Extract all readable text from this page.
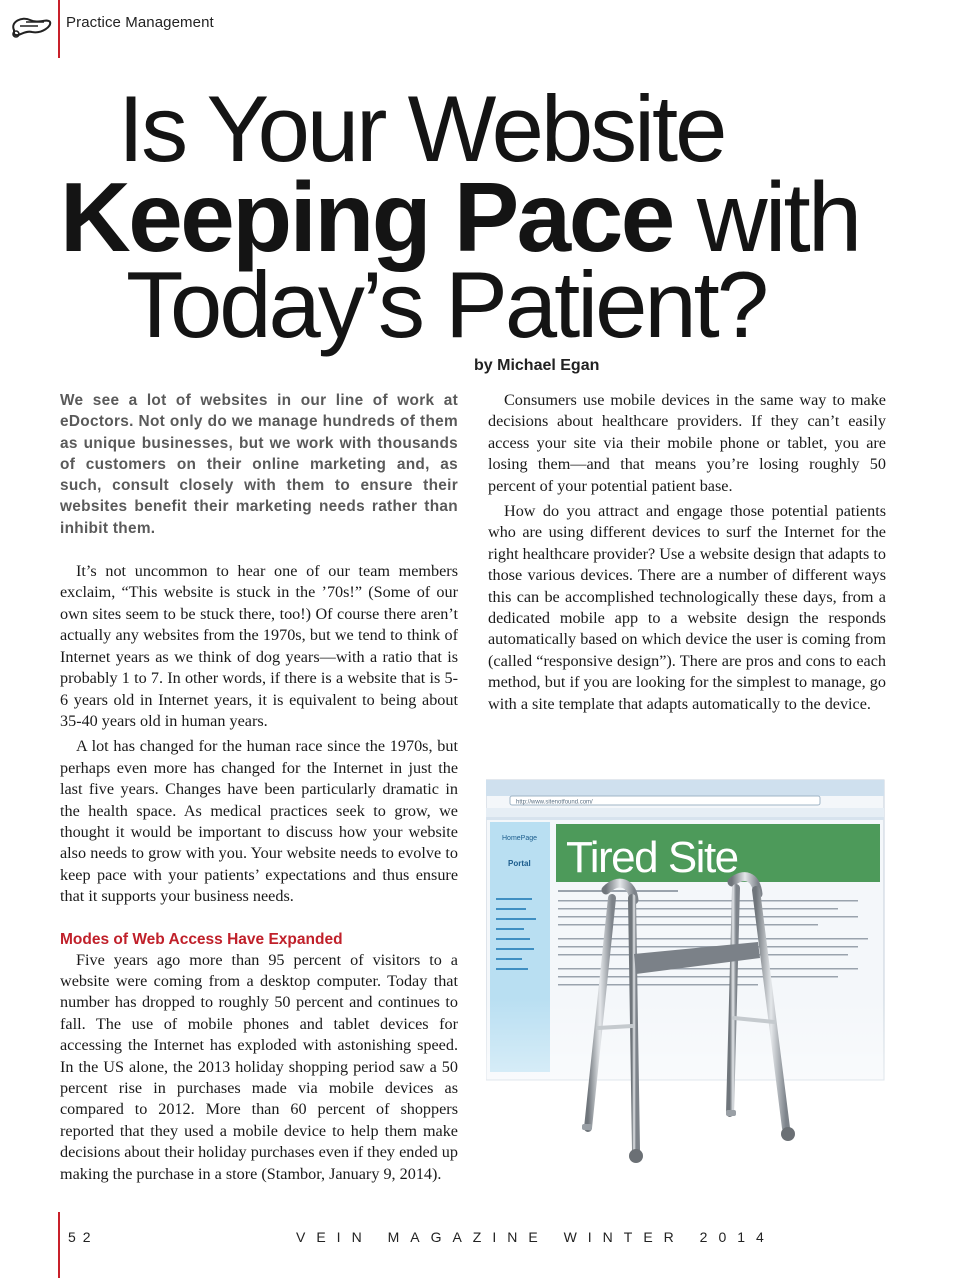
Practice Management
Is Your Website
Keeping Pace with
Today’s Patient?
by Michael Egan

We see a lot of websites in our line of work at eDoctors. Not only do we manage hundreds of them as unique businesses, but we work with thousands of customers on their online marketing and, as such, consult closely with them to ensure their websites benefit their marketing needs rather than inhibit them.

It’s not uncommon to hear one of our team members exclaim, “This website is stuck in the ’70s!” (Some of our own sites seem to be stuck there, too!) Of course there aren’t actually any websites from the 1970s, but we tend to think of Internet years as we think of dog years—with a ratio that is probably 1 to 7. In other words, if there is a website that is 5-6 years old in Internet years, it is equivalent to being about 35-40 years old in human years.

A lot has changed for the human race since the 1970s, but perhaps even more has changed for the Internet in just the last five years. Changes have been particularly dramatic in the health space. As medical practices seek to grow, we thought it would be important to discuss how your website also needs to grow with you. Your website needs to evolve to keep pace with your patients’ expectations and thus ensure that it supports your business needs.

Modes of Web Access Have Expanded

Five years ago more than 95 percent of visitors to a website were coming from a desktop computer. Today that number has dropped to roughly 50 percent and continues to fall. The use of mobile phones and tablet devices for accessing the Internet has exploded with astonishing speed. In the US alone, the 2013 holiday shopping period saw a 50 percent rise in purchases made via mobile devices as compared to 2012. More than 60 percent of shoppers reported that they used a mobile device to help them make decisions about their holiday purchases even if they ended up making the purchase in a store (Stambor, January 9, 2014).

Consumers use mobile devices in the same way to make decisions about healthcare providers. If they can’t easily access your site via their mobile phone or tablet, you are losing them—and that means you’re losing roughly 50 percent of your potential patient base.

How do you attract and engage those potential patients who are using different devices to surf the Internet for the right healthcare provider? Use a website design that adapts to those various devices. There are a number of different ways this can be accomplished technologically these days, from a dedicated mobile app to a website design the responds automatically based on which device the user is coming from (called “responsive design”). There are pros and cons to each method, but if you are looking for the simplest to manage, go with a site template that adapts automatically to the device.

52	VEIN MAGAZINE WINTER 2014
